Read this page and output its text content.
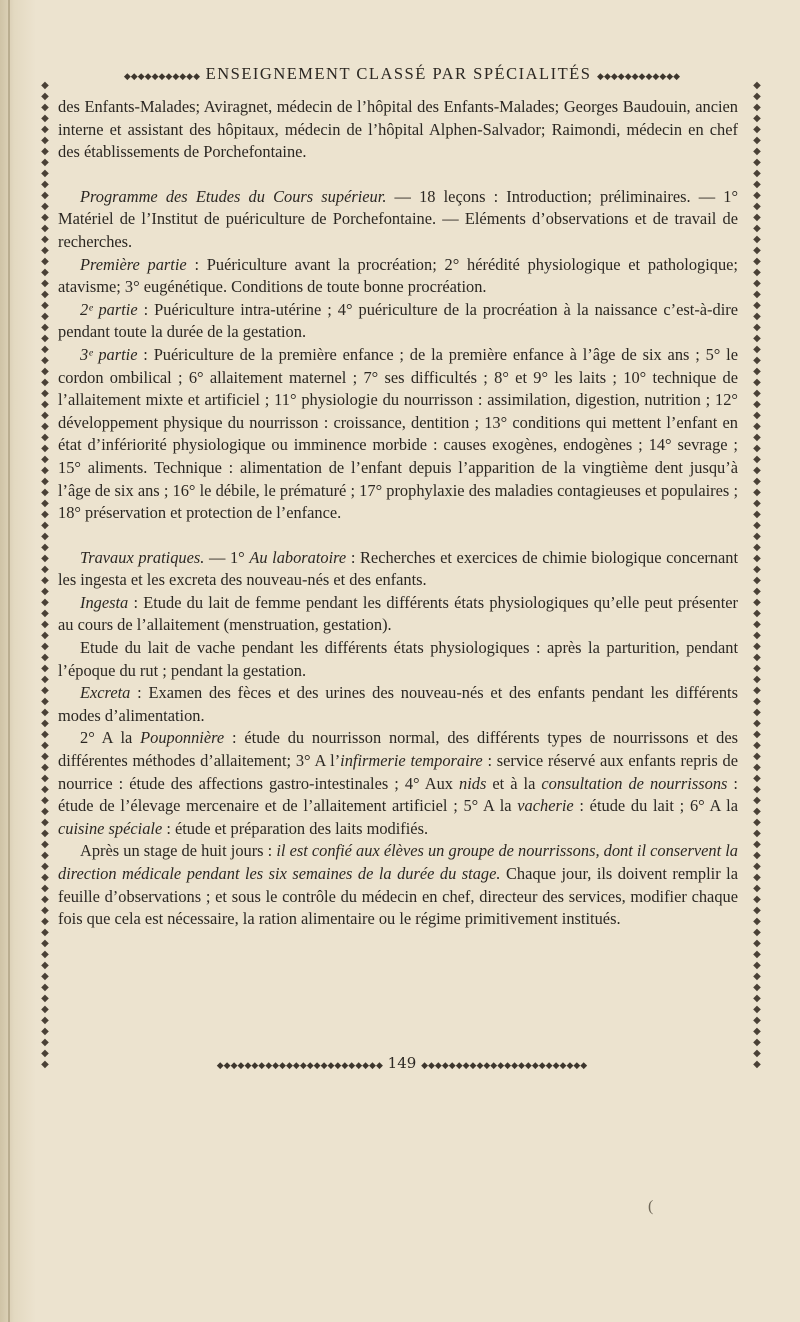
◆
◆
◆
◆
◆
◆
◆
◆
◆
◆
◆
◆
◆
◆
◆
◆
◆
◆
◆
◆
◆
◆
◆
◆
◆
◆
◆
◆
◆
◆
◆
◆
◆
◆
◆
◆
◆
◆
◆
◆
◆
◆
◆
◆
◆
◆
◆
◆
◆
◆
◆
◆
◆
◆
◆
◆
◆
◆
◆
◆
◆
◆
◆
◆
◆
◆
◆
◆
◆
◆
◆
◆
◆
◆
◆
◆
◆
◆
◆
◆
◆
◆
◆
◆
◆
◆
◆
◆
◆
◆
◆
◆
◆
◆
◆
◆
◆
◆
◆
◆
◆
◆
◆
◆
◆
◆
◆
◆
◆
◆
◆
◆
◆
◆
◆
◆
◆
◆
◆
◆
◆
◆
◆
◆
◆
◆
◆
◆
◆
◆
◆
◆
◆
◆
◆
◆
◆
◆
◆
◆
◆
◆
◆
◆
◆
◆
◆
◆
◆
◆
◆
◆
◆
◆
◆
◆
◆
◆
◆
◆
◆
◆
◆
◆
◆
◆
◆
◆
◆
◆
◆
◆
◆
◆
◆
◆
◆
◆
◆
◆
◆◆◆◆◆◆◆◆◆◆◆ ENSEIGNEMENT CLASSÉ PAR SPÉCIALITÉS ◆◆◆◆◆◆◆◆◆◆◆◆

des Enfants-Malades; Aviragnet, médecin de l’hôpital des Enfants-Malades; Georges Baudouin, ancien interne et assistant des hôpitaux, médecin de l’hôpital Alphen-Salvador; Raimondi, médecin en chef des établissements de Porchefontaine.

Programme des Etudes du Cours supérieur. — 18 leçons : Introduction; préliminaires. — 1° Matériel de l’Institut de puériculture de Porchefontaine. — Eléments d’observations et de travail de recherches.

Première partie : Puériculture avant la procréation; 2° hérédité physiologique et pathologique; atavisme; 3° eugénétique. Conditions de toute bonne procréation.

2ᵉ partie : Puériculture intra-utérine ; 4° puériculture de la procréation à la naissance c’est-à-dire pendant toute la durée de la gestation.

3ᵉ partie : Puériculture de la première enfance ; de la première enfance à l’âge de six ans ; 5° le cordon ombilical ; 6° allaitement maternel ; 7° ses difficultés ; 8° et 9° les laits ; 10° technique de l’allaitement mixte et artificiel ; 11° physiologie du nourrisson : assimilation, digestion, nutrition ; 12° développement physique du nourrisson : croissance, dentition ; 13° conditions qui mettent l’enfant en état d’infériorité physiologique ou imminence morbide : causes exogènes, endogènes ; 14° sevrage ; 15° aliments. Technique : alimentation de l’enfant depuis l’apparition de la vingtième dent jusqu’à l’âge de six ans ; 16° le débile, le prématuré ; 17° prophylaxie des maladies contagieuses et populaires ; 18° préservation et protection de l’enfance.

Travaux pratiques. — 1° Au laboratoire : Recherches et exercices de chimie biologique concernant les ingesta et les excreta des nouveau-nés et des enfants.

Ingesta : Etude du lait de femme pendant les différents états physiologiques qu’elle peut présenter au cours de l’allaitement (menstruation, gestation).

Etude du lait de vache pendant les différents états physiologiques : après la parturition, pendant l’époque du rut ; pendant la gestation.

Excreta : Examen des fèces et des urines des nouveau-nés et des enfants pendant les différents modes d’alimentation.

2° A la Pouponnière : étude du nourrisson normal, des différents types de nourrissons et des différentes méthodes d’allaitement; 3° A l’infirmerie temporaire : service réservé aux enfants repris de nourrice : étude des affections gastro-intestinales ; 4° Aux nids et à la consultation de nourrissons : étude de l’élevage mercenaire et de l’allaitement artificiel ; 5° A la vacherie : étude du lait ; 6° A la cuisine spéciale : étude et préparation des laits modifiés.

Après un stage de huit jours : il est confié aux élèves un groupe de nourrissons, dont il conservent la direction médicale pendant les six semaines de la durée du stage. Chaque jour, ils doivent remplir la feuille d’observations ; et sous le contrôle du médecin en chef, directeur des services, modifier chaque fois que cela est nécessaire, la ration alimentaire ou le régime primitivement institués.

◆◆◆◆◆◆◆◆◆◆◆◆◆◆◆◆◆◆◆◆◆◆◆◆ 149 ◆◆◆◆◆◆◆◆◆◆◆◆◆◆◆◆◆◆◆◆◆◆◆◆
(
